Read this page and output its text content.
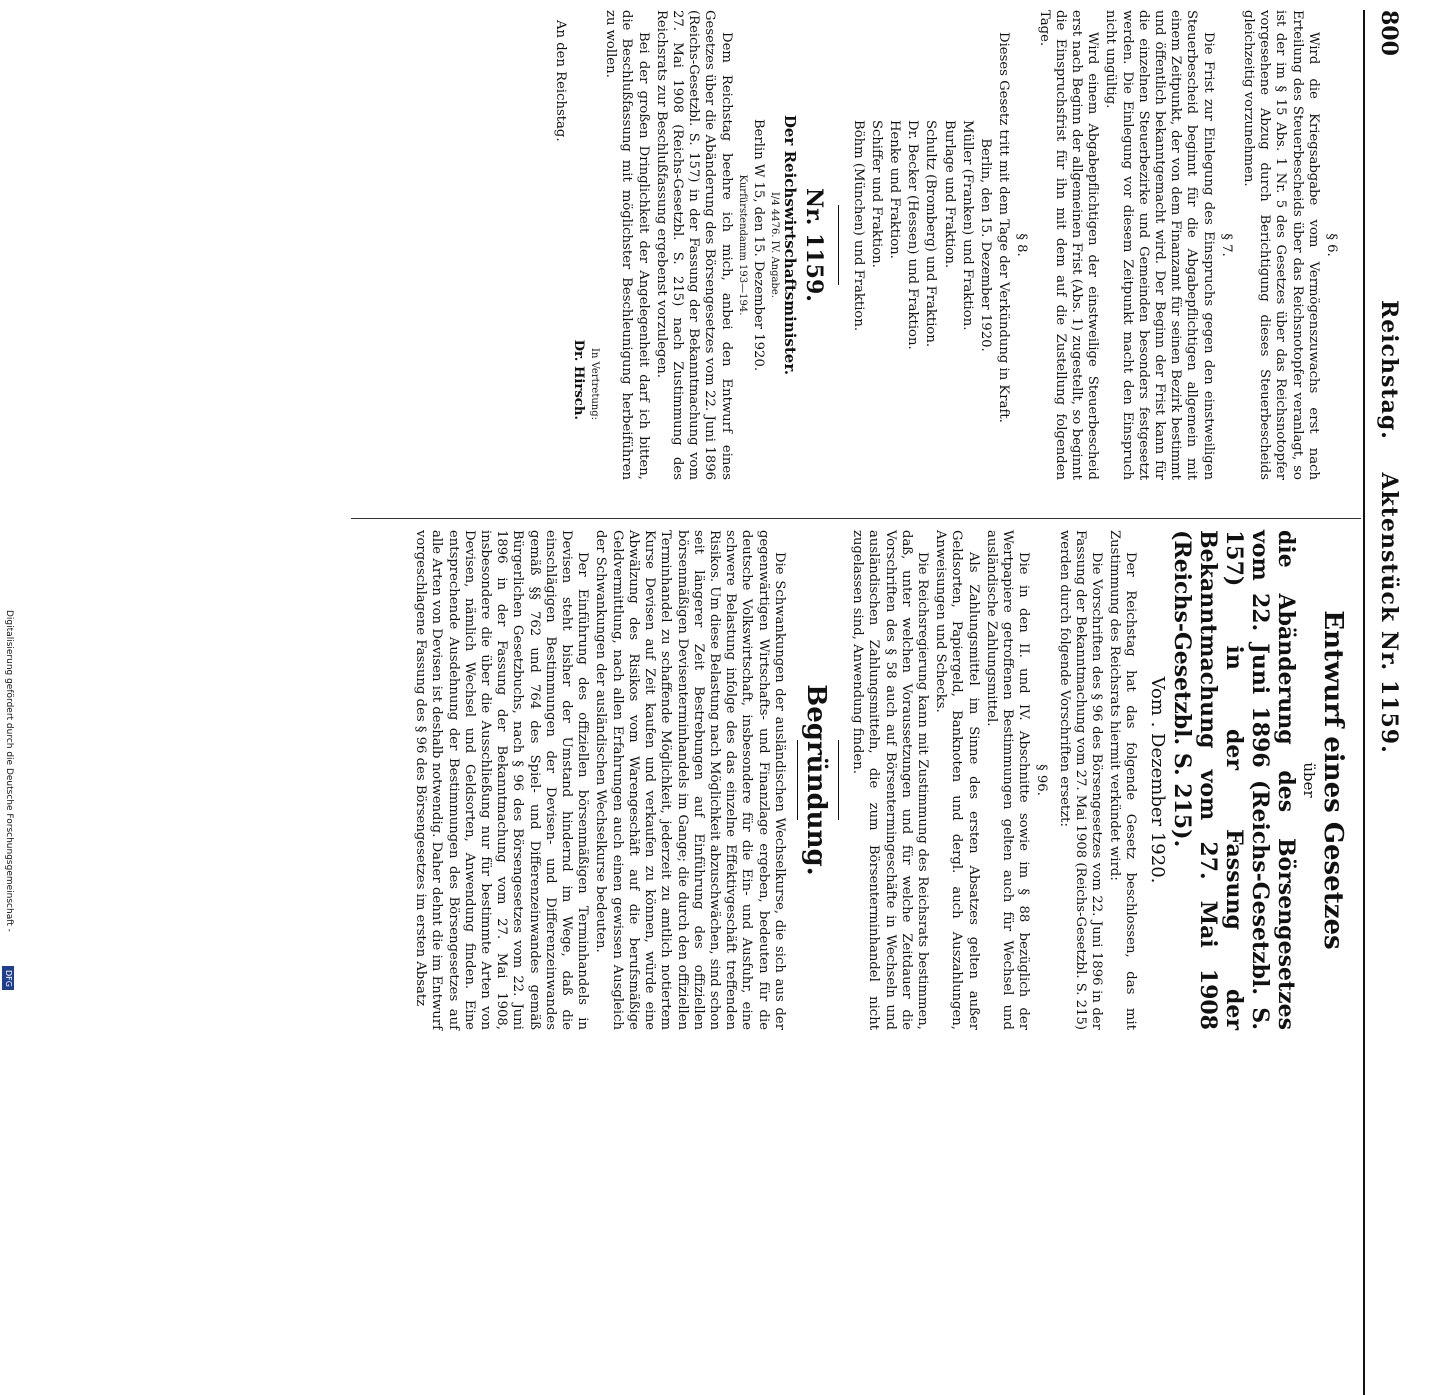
800
Reichstag. Aktenstück Nr. 1159.

§ 6.

Wird die Kriegsabgabe vom Vermögenszuwachs erst nach Erteilung des Steuerbescheids über das Reichsnotopfer veranlagt, so ist der im § 15 Abs. 1 Nr. 5 des Gesetzes über das Reichsnotopfer vorgesehene Abzug durch Berichtigung dieses Steuerbescheids gleichzeitig vorzunehmen.

§ 7.

Die Frist zur Einlegung des Einspruchs gegen den einstweiligen Steuerbescheid beginnt für die Abgabepflichtigen allgemein mit einem Zeitpunkt, der von dem Finanzamt für seinen Bezirk bestimmt und öffentlich bekanntgemacht wird. Der Beginn der Frist kann für die einzelnen Steuerbezirke und Gemeinden besonders festgesetzt werden. Die Einlegung vor diesem Zeitpunkt macht den Einspruch nicht ungültig.

Wird einem Abgabepflichtigen der einstweilige Steuerbescheid erst nach Beginn der allgemeinen Frist (Abs. 1) zugestellt, so beginnt die Einspruchsfrist für ihn mit dem auf die Zustellung folgenden Tage.

§ 8.

Dieses Gesetz tritt mit dem Tage der Verkündung in Kraft.

Berlin, den 15. Dezember 1920.

Müller (Franken) und Fraktion.

Burlage und Fraktion.

Schultz (Bromberg) und Fraktion.

Dr. Becker (Hessen) und Fraktion.

Henke und Fraktion.

Schiffer und Fraktion.

Böhm (München) und Fraktion.

Nr. 1159.

Der Reichswirtschaftsminister.

I/4 4476. IV. Angabe.

Berlin W 15, den 15. Dezember 1920.

Kurfürstendamm 193—194.

Dem Reichstag beehre ich mich, anbei den Entwurf eines Gesetzes über die Abänderung des Börsengesetzes vom 22. Juni 1896 (Reichs-Gesetzbl. S. 157) in der Fassung der Bekanntmachung vom 27. Mai 1908 (Reichs-Gesetzbl. S. 215) nach Zustimmung des Reichsrats zur Beschlußfassung ergebenst vorzulegen.

Bei der großen Dringlichkeit der Angelegenheit darf ich bitten, die Beschlußfassung mit möglichster Beschleunigung herbeiführen zu wollen.

In Vertretung:

Dr. Hirsch.

An den Reichstag.

Entwurf eines Gesetzes

über

die Abänderung des Börsengesetzes vom 22. Juni 1896 (Reichs-Gesetzbl. S. 157) in der Fassung der Bekanntmachung vom 27. Mai 1908 (Reichs-Gesetzbl. S. 215).

Vom . Dezember 1920.

Der Reichstag hat das folgende Gesetz beschlossen, das mit Zustimmung des Reichsrats hiermit verkündet wird:

Die Vorschriften des § 96 des Börsengesetzes vom 22. Juni 1896 in der Fassung der Bekanntmachung vom 27. Mai 1908 (Reichs-Gesetzbl. S. 215) werden durch folgende Vorschriften ersetzt:

§ 96.

Die in den II. und IV. Abschnitte sowie im § 88 bezüglich der Wertpapiere getroffenen Bestimmungen gelten auch für Wechsel und ausländische Zahlungsmittel.

Als Zahlungsmittel im Sinne des ersten Absatzes gelten außer Geldsorten, Papiergeld, Banknoten und dergl. auch Auszahlungen, Anweisungen und Schecks.

Die Reichsregierung kann mit Zustimmung des Reichsrats bestimmen, daß, unter welchen Voraussetzungen und für welche Zeitdauer die Vorschriften des § 58 auch auf Börsentermingeschäfte in Wechseln und ausländischen Zahlungsmitteln, die zum Börsenterminhandel nicht zugelassen sind, Anwendung finden.

Begründung.

Die Schwankungen der ausländischen Wechselkurse, die sich aus der gegenwärtigen Wirtschafts- und Finanzlage ergeben, bedeuten für die deutsche Volkswirtschaft, insbesondere für die Ein- und Ausfuhr, eine schwere Belastung infolge des das einzelne Effektivgeschäft treffenden Risikos. Um diese Belastung nach Möglichkeit abzuschwächen, sind schon seit längerer Zeit Bestrebungen auf Einführung des offiziellen börsenmäßigen Devisenterminhandels im Gange; die durch den offiziellen Terminhandel zu schaffende Möglichkeit, jederzeit zu amtlich notiertem Kurse Devisen auf Zeit kaufen und verkaufen zu können, würde eine Abwälzung des Risikos vom Warengeschäft auf die berufsmäßige Geldvermittlung, nach allen Erfahrungen auch einen gewissen Ausgleich der Schwankungen der ausländischen Wechselkurse bedeuten.

Der Einführung des offiziellen börsenmäßigen Terminhandels in Devisen steht bisher der Umstand hindernd im Wege, daß die einschlägigen Bestimmungen der Devisen- und Differenzeinwandes gemäß §§ 762 und 764 des Spiel- und Differenzeinwandes gemäß Bürgerlichen Gesetzbuchs, nach § 96 des Börsengesetzes vom 22. Juni 1896 in der Fassung der Bekanntmachung vom 27. Mai 1908, insbesondere die über die Ausschließung nur für bestimmte Arten von Devisen, nämlich Wechsel und Geldsorten, Anwendung finden. Eine entsprechende Ausdehnung der Bestimmungen des Börsengesetzes auf alle Arten von Devisen ist deshalb notwendig. Daher dehnt die im Entwurf vorgeschlagene Fassung des § 96 des Börsengesetzes im ersten Absatz

Digitalisierung gefördert durch die Deutsche Forschungsgemeinschaft -
DFG
